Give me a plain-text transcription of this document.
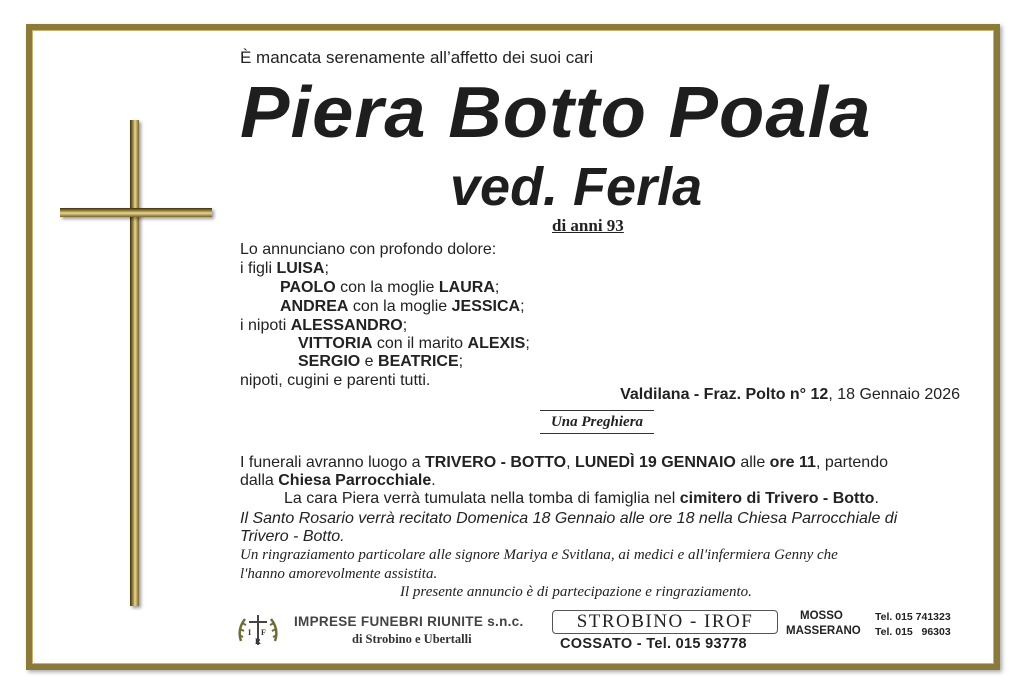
È mancata serenamente all’affetto dei suoi cari
Piera Botto Poala
ved. Ferla
di anni 93
Lo annunciano con profondo dolore:
i figli LUISA;
PAOLO con la moglie LAURA;
ANDREA con la moglie JESSICA;
i nipoti ALESSANDRO;
VITTORIA con il marito ALEXIS;
SERGIO e BEATRICE;
nipoti, cugini e parenti tutti.
Valdilana - Fraz. Polto n° 12, 18 Gennaio 2026
Una Preghiera
I funerali avranno luogo a TRIVERO - BOTTO, LUNEDÌ 19 GENNAIO alle ore 11, partendo
dalla Chiesa Parrocchiale.
La cara Piera verrà tumulata nella tomba di famiglia nel cimitero di Trivero - Botto.
Il Santo Rosario verrà recitato Domenica 18 Gennaio alle ore 18 nella Chiesa Parrocchiale di
Trivero - Botto.
Un ringraziamento particolare alle signore Mariya e Svitlana, ai medici e all'infermiera Genny che
l'hanno amorevolmente assistita.
Il presente annuncio è di partecipazione e ringraziamento.
I F
R
IMPRESE FUNEBRI RIUNITE s.n.c.
di Strobino e Ubertalli
STROBINO - IROF
COSSATO - Tel. 015 93778
MOSSO	Tel. 015 741323
MASSERANO Tel. 015   96303
